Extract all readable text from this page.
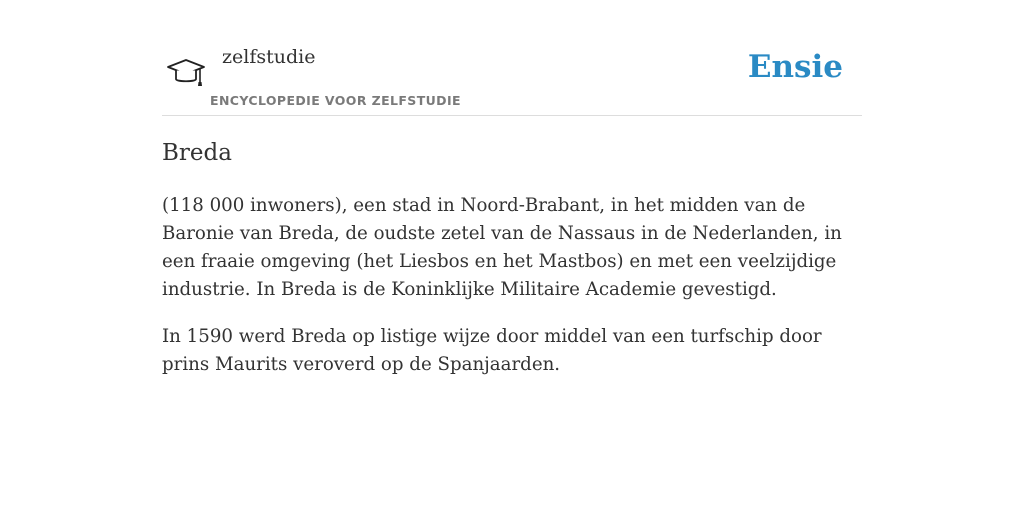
zelfstudie
ENCYCLOPEDIE VOOR ZELFSTUDIE
Ensie
Breda

(118 000 inwoners), een stad in Noord-Brabant, in het midden van de Baronie van Breda, de oudste zetel van de Nassaus in de Nederlanden, in een fraaie omgeving (het Liesbos en het Mastbos) en met een veelzijdige industrie. In Breda is de Koninklijke Militaire Academie gevestigd.

In 1590 werd Breda op listige wijze door middel van een turfschip door prins Maurits veroverd op de Spanjaarden.
